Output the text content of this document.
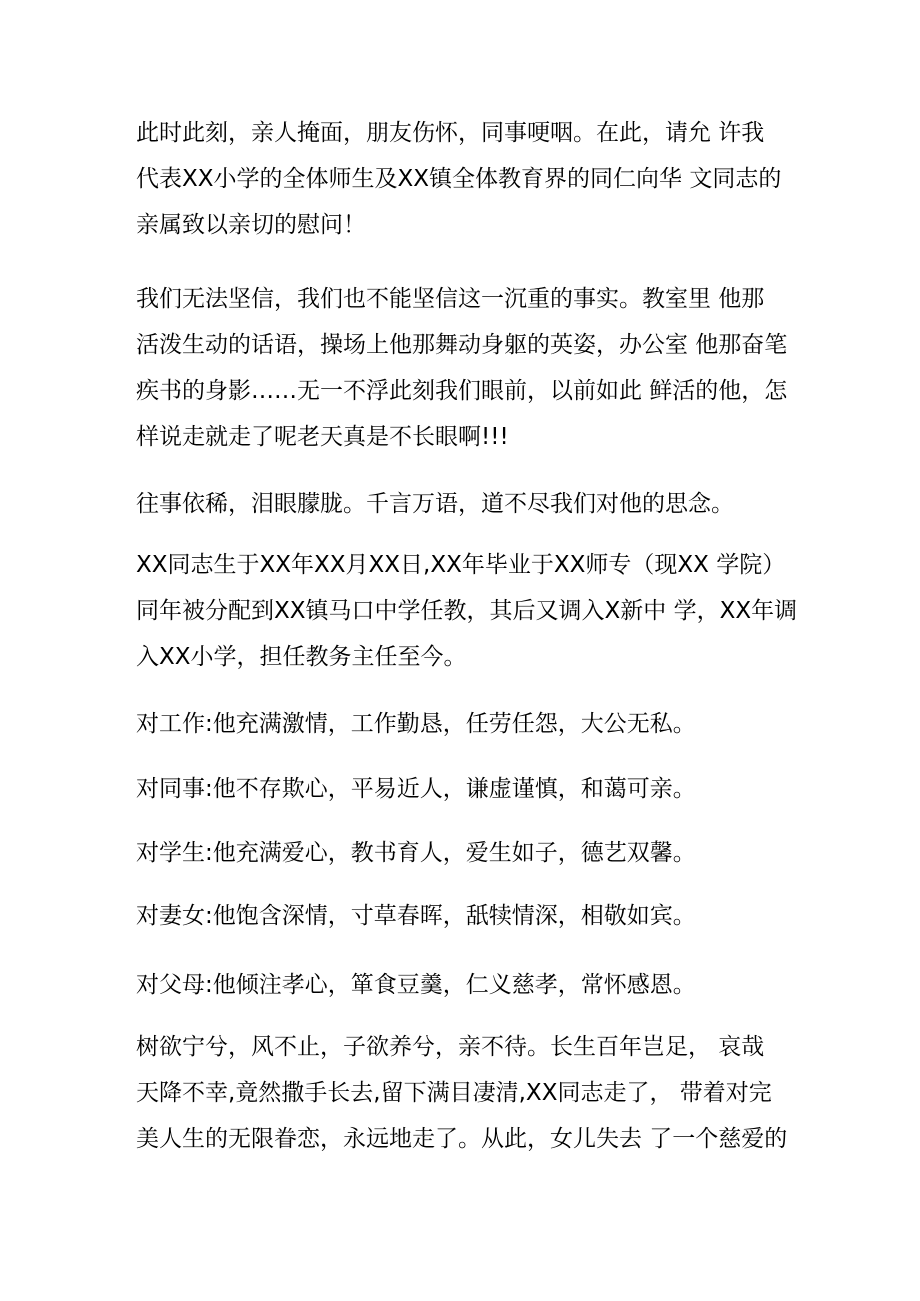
此时此刻，亲人掩面，朋友伤怀，同事哽咽。在此，请允 许我
代表XX小学的全体师生及XX镇全体教育界的同仁向华 文同志的
亲属致以亲切的慰问！

我们无法坚信，我们也不能坚信这一沉重的事实。教室里 他那
活泼生动的话语，操场上他那舞动身躯的英姿，办公室 他那奋笔
疾书的身影……无一不浮此刻我们眼前，以前如此 鲜活的他，怎
样说走就走了呢老天真是不长眼啊!!!

往事依稀，泪眼朦胧。千言万语，道不尽我们对他的思念。

XX同志生于XX年XX月XX日,XX年毕业于XX师专（现XX 学院）
同年被分配到XX镇马口中学任教，其后又调入X新中 学，XX年调
入XX小学，担任教务主任至今。

对工作:他充满激情，工作勤恳，任劳任怨，大公无私。

对同事:他不存欺心，平易近人，谦虚谨慎，和蔼可亲。

对学生:他充满爱心，教书育人，爱生如子，德艺双馨。

对妻女:他饱含深情，寸草春晖，舐犊情深，相敬如宾。

对父母:他倾注孝心，箪食豆羹，仁义慈孝，常怀感恩。

树欲宁兮，风不止，子欲养兮，亲不待。长生百年岂足， 哀哉
天降不幸,竟然撒手长去,留下满目凄清,XX同志走了， 带着对完
美人生的无限眷恋，永远地走了。从此，女儿失去 了一个慈爱的
